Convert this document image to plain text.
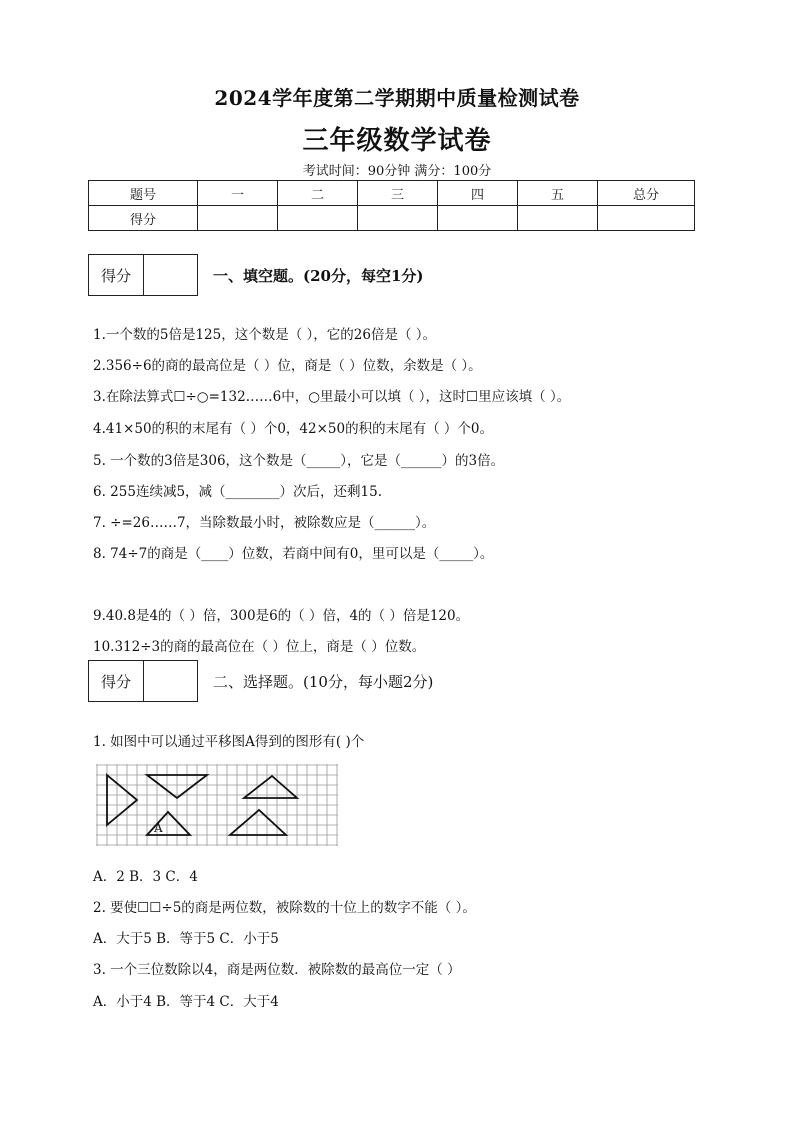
2024学年度第二学期期中质量检测试卷
三年级数学试卷
考试时间：90分钟 满分：100分
题号	一	二	三	四	五	总分
得分						
得分	一、填空题。(20分，每空1分)
1.一个数的5倍是125，这个数是（ ），它的26倍是（ ）。
2.356÷6的商的最高位是（ ）位，商是（ ）位数，余数是（ ）。
3.在除法算式☐÷○=132……6中，○里最小可以填（ ），这时☐里应该填（ ）。
4.41×50的积的末尾有（ ）个0，42×50的积的末尾有（ ）个0。
5. 一个数的3倍是306，这个数是（_____），它是（______）的3倍。
6. 255连续减5，减（________）次后，还剩15.
7. ÷=26……7，当除数最小时，被除数应是（______）。
8. 74÷7的商是（____）位数，若商中间有0，里可以是（_____）。
9.40.8是4的（ ）倍，300是6的（ ）倍，4的（ ）倍是120。
10.312÷3的商的最高位在（ ）位上，商是（ ）位数。
得分	二、选择题。(10分，每小题2分)
1. 如图中可以通过平移图A得到的图形有( )个
A
A．2 B．3 C．4
2. 要使☐☐÷5的商是两位数，被除数的十位上的数字不能（ ）。
A．大于5 B．等于5 C．小于5
3. 一个三位数除以4，商是两位数．被除数的最高位一定（ ）
A．小于4 B．等于4 C．大于4
